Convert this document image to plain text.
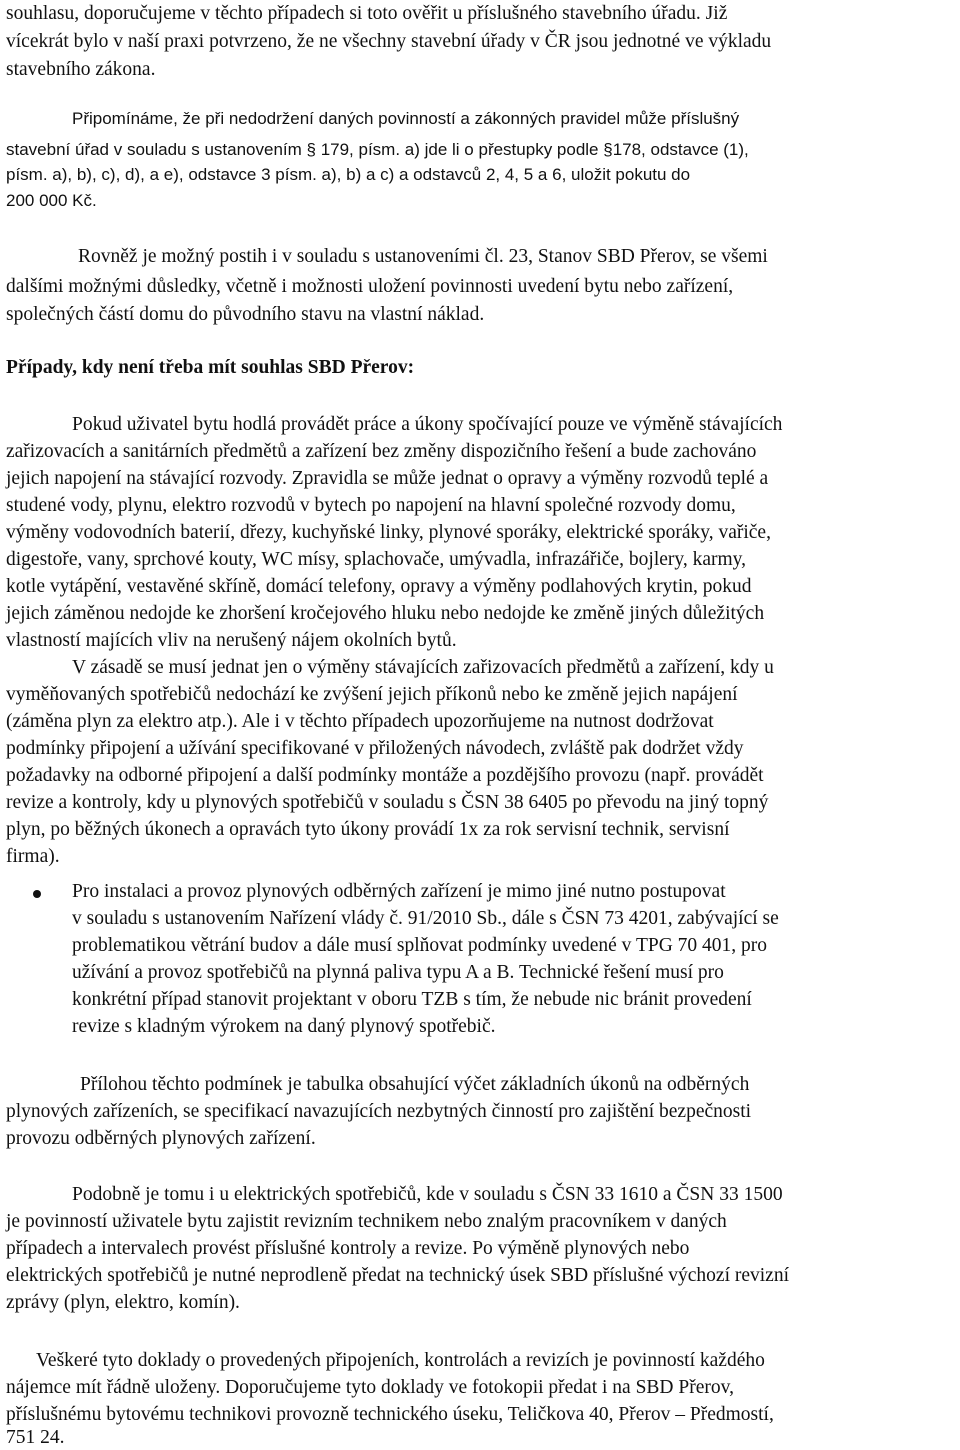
souhlasu, doporučujeme v těchto případech si toto ověřit u příslušného stavebního úřadu. Již
vícekrát bylo v naší praxi potvrzeno, že ne všechny stavební úřady v ČR jsou jednotné ve výkladu
stavebního zákona.
Připomínáme, že při nedodržení daných povinností a zákonných pravidel může příslušný
stavební úřad v souladu s ustanovením § 179, písm. a) jde li o přestupky podle §178, odstavce (1),
písm. a), b), c), d), a e), odstavce 3 písm. a), b) a c) a odstavců 2, 4, 5 a 6, uložit pokutu do
200 000 Kč.
Rovněž je možný postih i v souladu s ustanoveními čl. 23, Stanov SBD Přerov, se všemi
dalšími možnými důsledky, včetně i možnosti uložení povinnosti uvedení bytu nebo zařízení,
společných částí domu do původního stavu na vlastní náklad.
Případy, kdy není třeba mít souhlas SBD Přerov:
Pokud uživatel bytu hodlá provádět práce a úkony spočívající pouze ve výměně stávajících
zařizovacích a sanitárních předmětů a zařízení bez změny dispozičního řešení a bude zachováno
jejich napojení na stávající rozvody. Zpravidla se může jednat o opravy a výměny rozvodů teplé a
studené vody, plynu, elektro rozvodů v bytech po napojení na hlavní společné rozvody domu,
výměny vodovodních baterií, dřezy, kuchyňské linky, plynové sporáky, elektrické sporáky, vařiče,
digestoře, vany, sprchové kouty, WC mísy, splachovače, umývadla, infrazářiče, bojlery, karmy,
kotle vytápění, vestavěné skříně, domácí telefony, opravy a výměny podlahových krytin, pokud
jejich záměnou nedojde ke zhoršení kročejového hluku nebo nedojde ke změně jiných důležitých
vlastností majících vliv na nerušený nájem okolních bytů.
V zásadě se musí jednat jen o výměny stávajících zařizovacích předmětů a zařízení, kdy u
vyměňovaných spotřebičů nedochází ke zvýšení jejich příkonů nebo ke změně jejich napájení
(záměna plyn za elektro atp.). Ale i v těchto případech upozorňujeme na nutnost dodržovat
podmínky připojení a užívání specifikované v přiložených návodech, zvláště pak dodržet vždy
požadavky na odborné připojení a další podmínky montáže a pozdějšího provozu (např. provádět
revize a kontroly, kdy u plynových spotřebičů v souladu s ČSN 38 6405 po převodu na jiný topný
plyn, po běžných úkonech a opravách tyto úkony provádí 1x za rok servisní technik, servisní
firma).
Pro instalaci a provoz plynových odběrných zařízení je mimo jiné nutno postupovat
v souladu s ustanovením Nařízení vlády č. 91/2010 Sb., dále s ČSN 73 4201, zabývající se
problematikou větrání budov a dále musí splňovat podmínky uvedené v TPG 70 401, pro
užívání a provoz spotřebičů na plynná paliva typu A a B. Technické řešení musí pro
konkrétní případ stanovit projektant v oboru TZB s tím, že nebude nic bránit provedení
revize s kladným výrokem na daný plynový spotřebič.
Přílohou těchto podmínek je tabulka obsahující výčet základních úkonů na odběrných
plynových zařízeních, se specifikací navazujících nezbytných činností pro zajištění bezpečnosti
provozu odběrných plynových zařízení.
Podobně je tomu i u elektrických spotřebičů, kde v souladu s ČSN 33 1610 a ČSN 33 1500
je povinností uživatele bytu zajistit revizním technikem nebo znalým pracovníkem v daných
případech a intervalech provést příslušné kontroly a revize. Po výměně plynových nebo
elektrických spotřebičů je nutné neprodleně předat na technický úsek SBD příslušné výchozí revizní
zprávy (plyn, elektro, komín).
Veškeré tyto doklady o provedených připojeních, kontrolách a revizích je povinností každého
nájemce mít řádně uloženy. Doporučujeme tyto doklady ve fotokopii předat i na SBD Přerov,
příslušnému bytovému technikovi provozně technického úseku, Teličkova 40, Přerov – Předmostí,
751 24.
